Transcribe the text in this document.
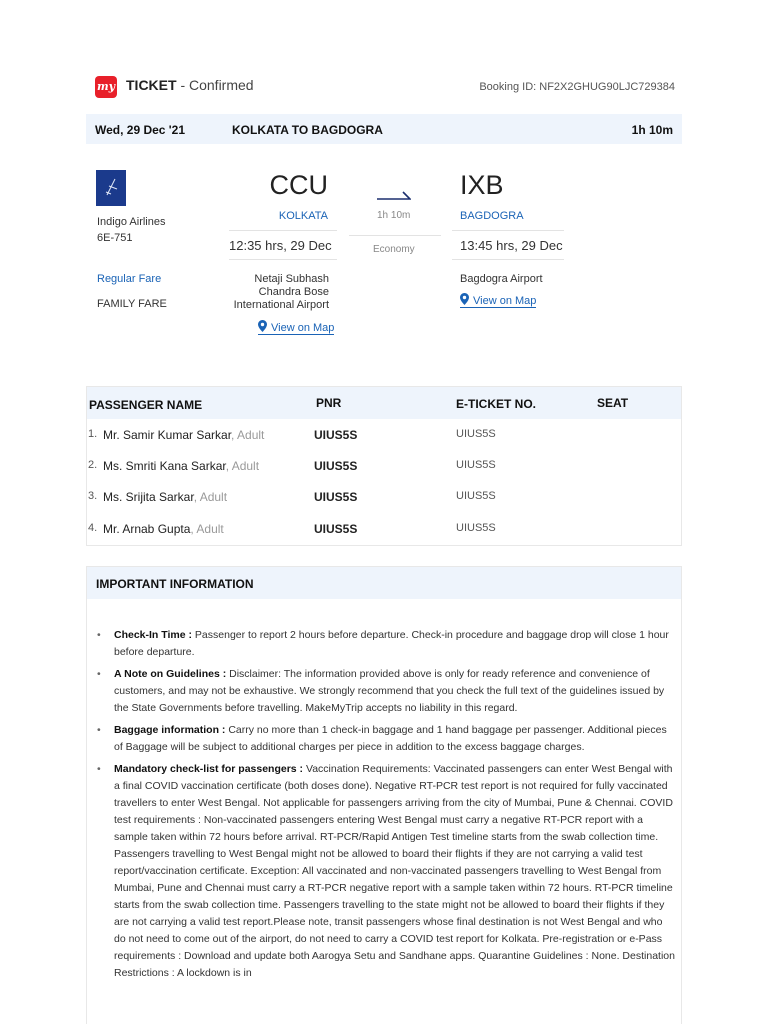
my TICKET - Confirmed	Booking ID: NF2X2GHUG90LJC729384
Wed, 29 Dec '21	KOLKATA TO BAGDOGRA	1h 10m
Indigo Airlines
6E-751
Regular Fare
FAMILY FARE
CCU
KOLKATA
12:35 hrs, 29 Dec
Netaji Subhash Chandra Bose International Airport
View on Map
1h 10m
Economy
IXB
BAGDOGRA
13:45 hrs, 29 Dec
Bagdogra Airport
View on Map
PASSENGER NAME	PNR	E-TICKET NO.	SEAT
1. Mr. Samir Kumar Sarkar, Adult	UIUS5S	UIUS5S
2. Ms. Smriti Kana Sarkar, Adult	UIUS5S	UIUS5S
3. Ms. Srijita Sarkar, Adult	UIUS5S	UIUS5S
4. Mr. Arnab Gupta, Adult	UIUS5S	UIUS5S
IMPORTANT INFORMATION
• Check-In Time : Passenger to report 2 hours before departure. Check-in procedure and baggage drop will close 1 hour before departure.
• A Note on Guidelines : Disclaimer: The information provided above is only for ready reference and convenience of customers, and may not be exhaustive. We strongly recommend that you check the full text of the guidelines issued by the State Governments before travelling. MakeMyTrip accepts no liability in this regard.
• Baggage information : Carry no more than 1 check-in baggage and 1 hand baggage per passenger. Additional pieces of Baggage will be subject to additional charges per piece in addition to the excess baggage charges.
• Mandatory check-list for passengers : Vaccination Requirements: Vaccinated passengers can enter West Bengal with a final COVID vaccination certificate (both doses done). Negative RT-PCR test report is not required for fully vaccinated travellers to enter West Bengal. Not applicable for passengers arriving from the city of Mumbai, Pune & Chennai. COVID test requirements : Non-vaccinated passengers entering West Bengal must carry a negative RT-PCR report with a sample taken within 72 hours before arrival. RT-PCR/Rapid Antigen Test timeline starts from the swab collection time. Passengers travelling to West Bengal might not be allowed to board their flights if they are not carrying a valid test report/vaccination certificate. Exception: All vaccinated and non-vaccinated passengers travelling to West Bengal from Mumbai, Pune and Chennai must carry a RT-PCR negative report with a sample taken within 72 hours. RT-PCR timeline starts from the swab collection time. Passengers travelling to the state might not be allowed to board their flights if they are not carrying a valid test report.Please note, transit passengers whose final destination is not West Bengal and who do not need to come out of the airport, do not need to carry a COVID test report for Kolkata. Pre-registration or e-Pass requirements : Download and update both Aarogya Setu and Sandhane apps. Quarantine Guidelines : None. Destination Restrictions : A lockdown is in
